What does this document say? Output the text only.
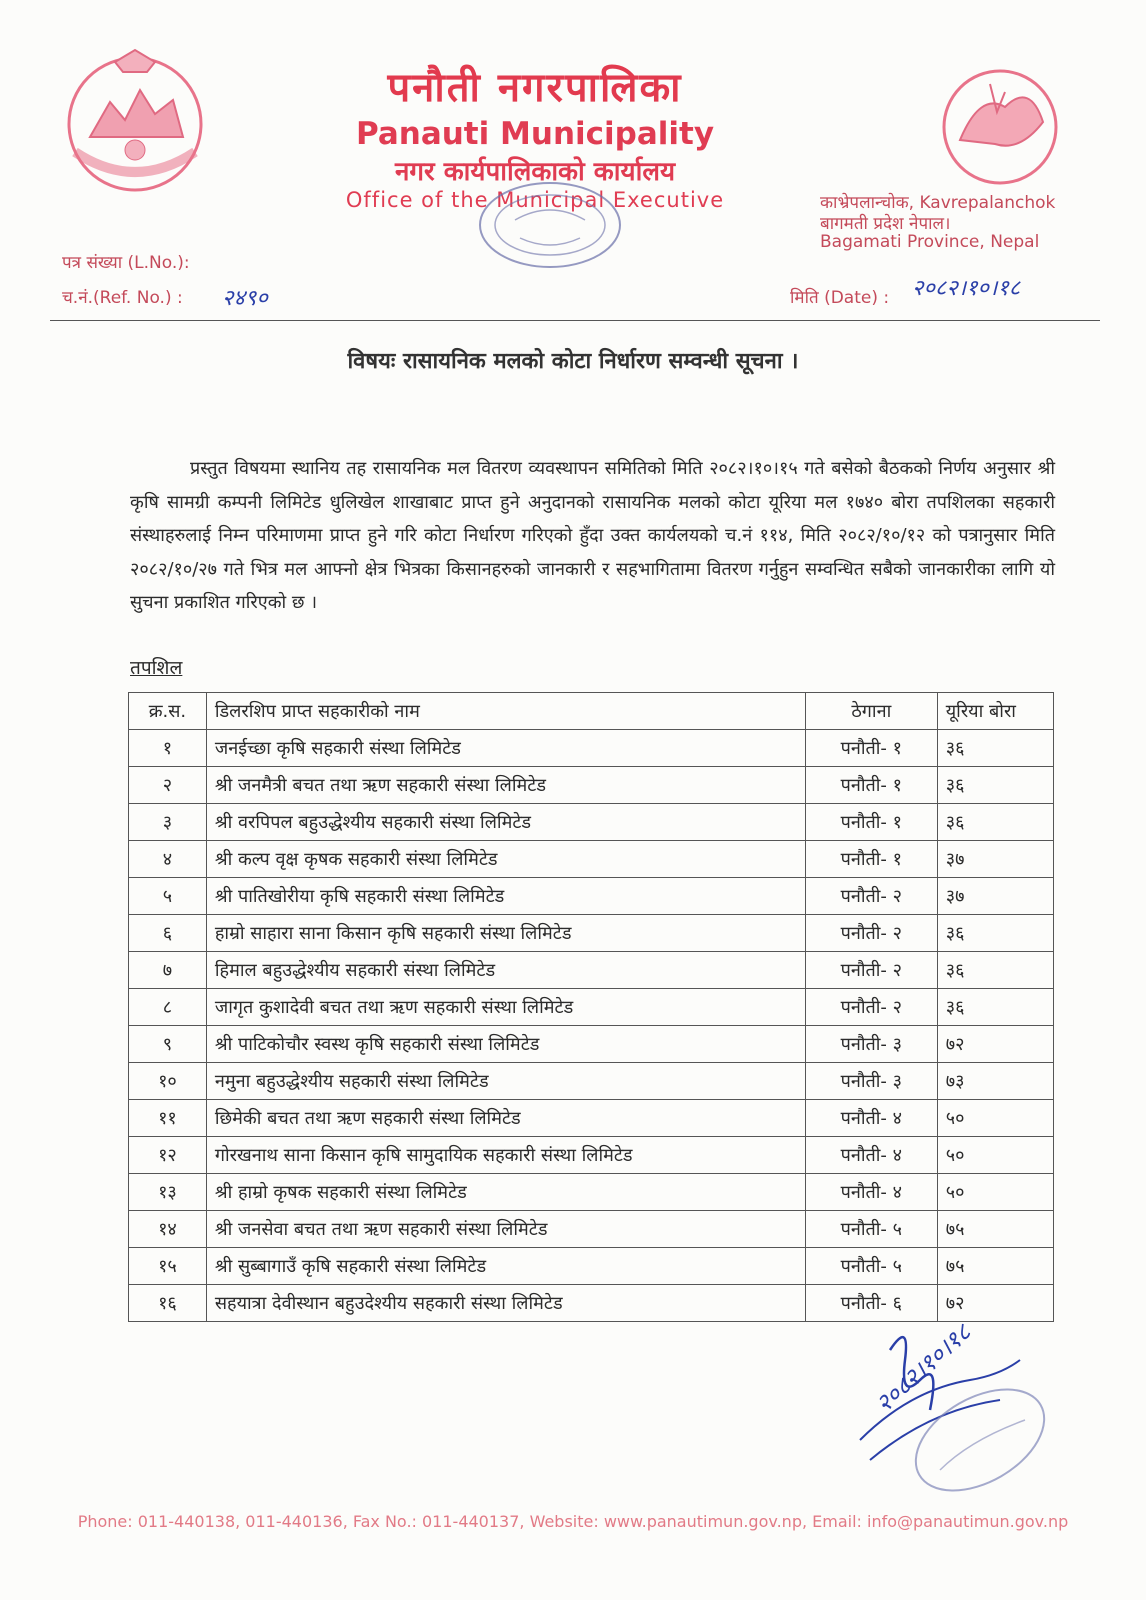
पनौती नगरपालिका
Panauti Municipality
नगर कार्यपालिकाको कार्यालय
Office of the Municipal Executive	काभ्रेपलान्चोक, Kavrepalanchok
बागमती प्रदेश नेपाल।
Bagamati Province, Nepal
पत्र संख्या (L.No.):
च.नं.(Ref. No.) : २४९०	मिति (Date) : २०८२।१०।१८
विषयः रासायनिक मलको कोटा निर्धारण सम्वन्धी सूचना ।
प्रस्तुत विषयमा स्थानिय तह रासायनिक मल वितरण व्यवस्थापन समितिको मिति २०८२।१०।१५ गते बसेको बैठकको निर्णय अनुसार श्री कृषि सामग्री कम्पनी लिमिटेड धुलिखेल शाखाबाट प्राप्त हुने अनुदानको रासायनिक मलको कोटा यूरिया मल १७४० बोरा तपशिलका सहकारी संस्थाहरुलाई निम्न परिमाणमा प्राप्त हुने गरि कोटा निर्धारण गरिएको हुँदा उक्त कार्यलयको च.नं ११४, मिति २०८२/१०/१२ को पत्रानुसार मिति २०८२/१०/२७ गते भित्र मल आफ्नो क्षेत्र भित्रका किसानहरुको जानकारी र सहभागितामा वितरण गर्नुहुन सम्वन्धित सबैको जानकारीका लागि यो सुचना प्रकाशित गरिएको छ ।
तपशिल
क्र.स.	डिलरशिप प्राप्त सहकारीको नाम	ठेगाना	यूरिया बोरा
१	जनईच्छा कृषि सहकारी संस्था लिमिटेड	पनौती- १	३६
२	श्री जनमैत्री बचत तथा ऋण सहकारी संस्था लिमिटेड	पनौती- १	३६
३	श्री वरपिपल बहुउद्धेश्यीय सहकारी संस्था लिमिटेड	पनौती- १	३६
४	श्री कल्प वृक्ष कृषक सहकारी संस्था लिमिटेड	पनौती- १	३७
५	श्री पातिखोरीया कृषि सहकारी संस्था लिमिटेड	पनौती- २	३७
६	हाम्रो साहारा साना किसान कृषि सहकारी संस्था लिमिटेड	पनौती- २	३६
७	हिमाल बहुउद्धेश्यीय सहकारी संस्था लिमिटेड	पनौती- २	३६
८	जागृत कुशादेवी बचत तथा ऋण सहकारी संस्था लिमिटेड	पनौती- २	३६
९	श्री पाटिकोचौर स्वस्थ कृषि सहकारी संस्था लिमिटेड	पनौती- ३	७२
१०	नमुना बहुउद्धेश्यीय सहकारी संस्था लिमिटेड	पनौती- ३	७३
११	छिमेकी बचत तथा ऋण सहकारी संस्था लिमिटेड	पनौती- ४	५०
१२	गोरखनाथ साना किसान कृषि सामुदायिक सहकारी संस्था लिमिटेड	पनौती- ४	५०
१३	श्री हाम्रो कृषक सहकारी संस्था लिमिटेड	पनौती- ४	५०
१४	श्री जनसेवा बचत तथा ऋण सहकारी संस्था लिमिटेड	पनौती- ५	७५
१५	श्री सुब्बागाउँ कृषि सहकारी संस्था लिमिटेड	पनौती- ५	७५
१६	सहयात्रा देवीस्थान बहुउदेश्यीय सहकारी संस्था लिमिटेड	पनौती- ६	७२
२०८२।१०।१८
Phone: 011-440138, 011-440136, Fax No.: 011-440137, Website: www.panautimun.gov.np, Email: info@panautimun.gov.np
